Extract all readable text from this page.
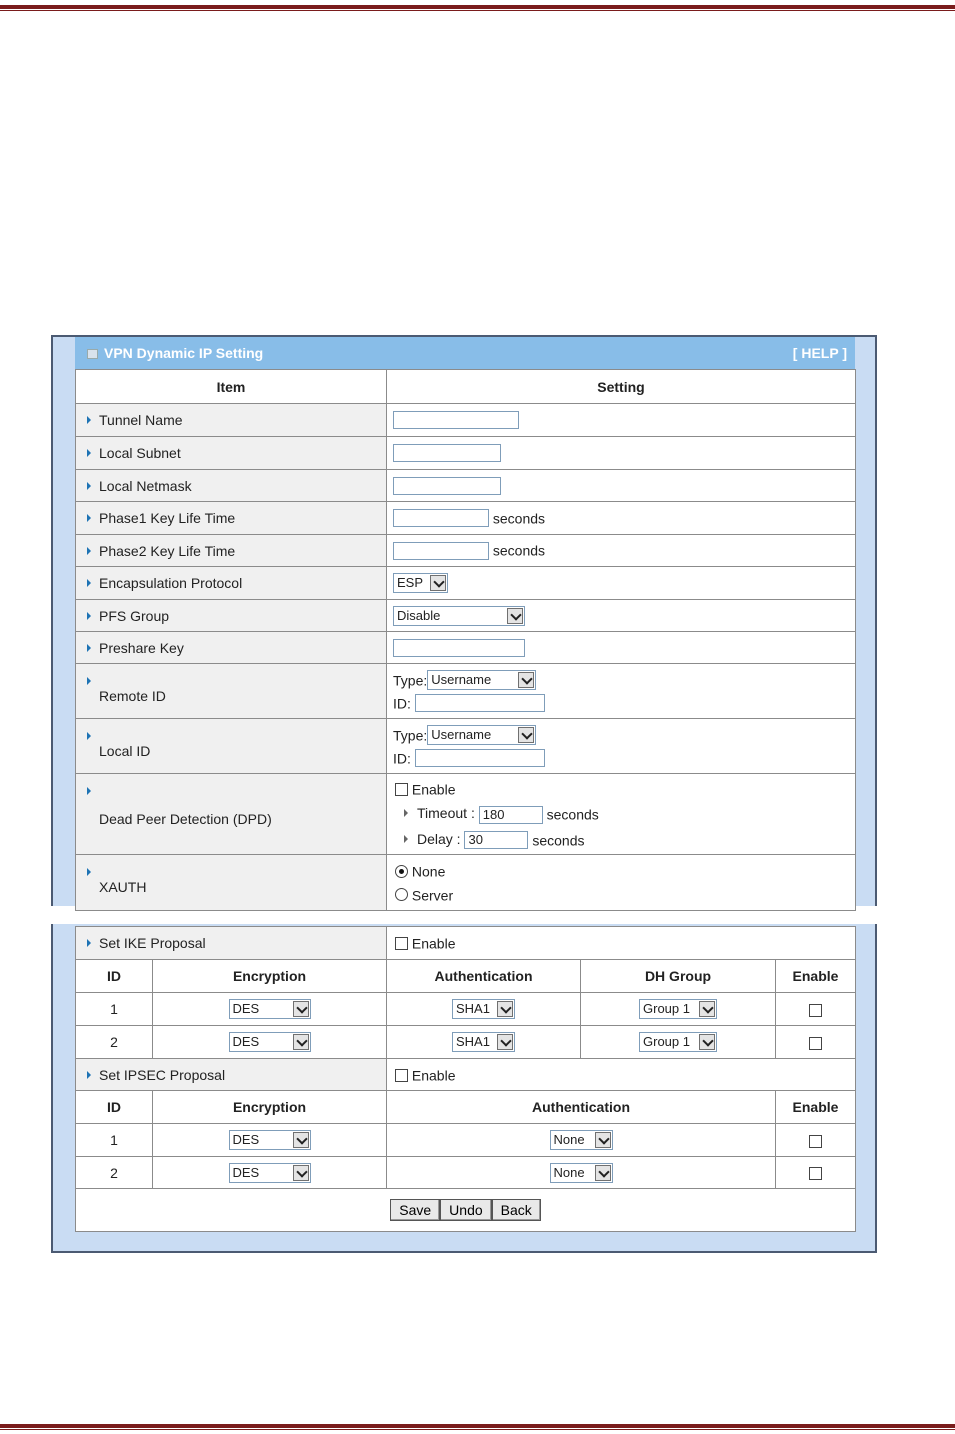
VPN Dynamic IP Setting	[ HELP ]
Item	Setting
Tunnel Name	
Local Subnet	
Local Netmask	
Phase1 Key Life Time	seconds
Phase2 Key Life Time	seconds
Encapsulation Protocol	ESP

PFS Group	Disable

Preshare Key	
Remote ID	Type: Username

ID:
Local ID	Type: Username

ID:
Dead Peer Detection (DPD)	Enable
Timeout : 180 seconds
Delay : 30 seconds
XAUTH	None
Server
Set IKE Proposal		Enable		
ID	Encryption	Authentication	DH Group	Enable
1	DES	SHA1	Group 1

2	DES	SHA1	Group 1

Set IPSEC Proposal		Enable		
ID	Encryption	Authentication		Enable
1	DES	None	

2	DES	None	

Save Undo Back				
